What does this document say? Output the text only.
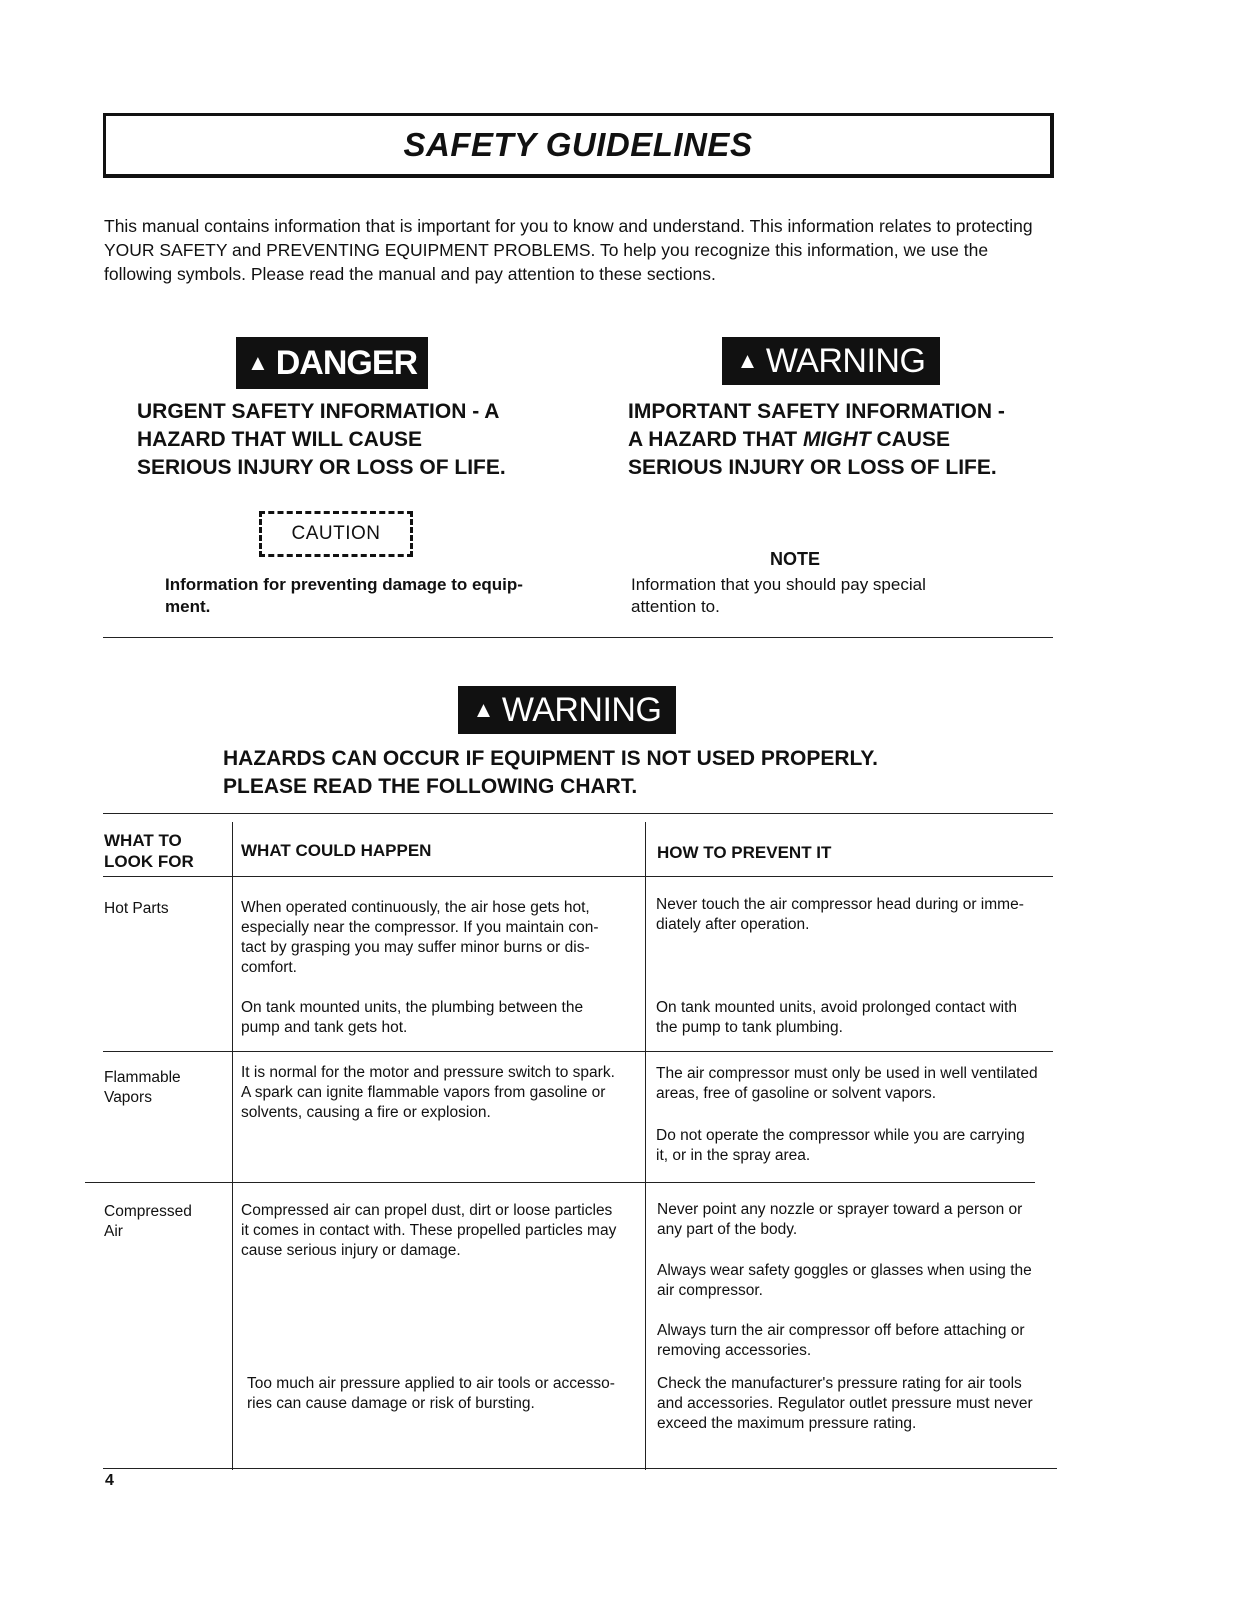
SAFETY GUIDELINES
This manual contains information that is important for you to know and understand. This information relates to protecting
YOUR SAFETY and PREVENTING EQUIPMENT PROBLEMS. To help you recognize this information, we use the
following symbols. Please read the manual and pay attention to these sections.
▲ DANGER
URGENT SAFETY INFORMATION - A
HAZARD THAT WILL CAUSE
SERIOUS INJURY OR LOSS OF LIFE.
▲ WARNING
IMPORTANT SAFETY INFORMATION -
A HAZARD THAT MIGHT CAUSE
SERIOUS INJURY OR LOSS OF LIFE.
CAUTION
Information for preventing damage to equip-
ment.
NOTE
Information that you should pay special
attention to.
▲ WARNING
HAZARDS CAN OCCUR IF EQUIPMENT IS NOT USED PROPERLY.
PLEASE READ THE FOLLOWING CHART.
WHAT TO
LOOK FOR
WHAT COULD HAPPEN	HOW TO PREVENT IT
Hot Parts	When operated continuously, the air hose gets hot,
especially near the compressor. If you maintain con-
tact by grasping you may suffer minor burns or dis-
comfort.
On tank mounted units, the plumbing between the
pump and tank gets hot.
Never touch the air compressor head during or imme-
diately after operation.
On tank mounted units, avoid prolonged contact with
the pump to tank plumbing.
Flammable
Vapors
It is normal for the motor and pressure switch to spark.
A spark can ignite flammable vapors from gasoline or
solvents, causing a fire or explosion.
The air compressor must only be used in well ventilated
areas, free of gasoline or solvent vapors.
Do not operate the compressor while you are carrying
it, or in the spray area.
Compressed
Air
Compressed air can propel dust, dirt or loose particles
it comes in contact with. These propelled particles may
cause serious injury or damage.
Too much air pressure applied to air tools or accesso-
ries can cause damage or risk of bursting.
Never point any nozzle or sprayer toward a person or
any part of the body.
Always wear safety goggles or glasses when using the
air compressor.
Always turn the air compressor off before attaching or
removing accessories.
Check the manufacturer's pressure rating for air tools
and accessories. Regulator outlet pressure must never
exceed the maximum pressure rating.
4
